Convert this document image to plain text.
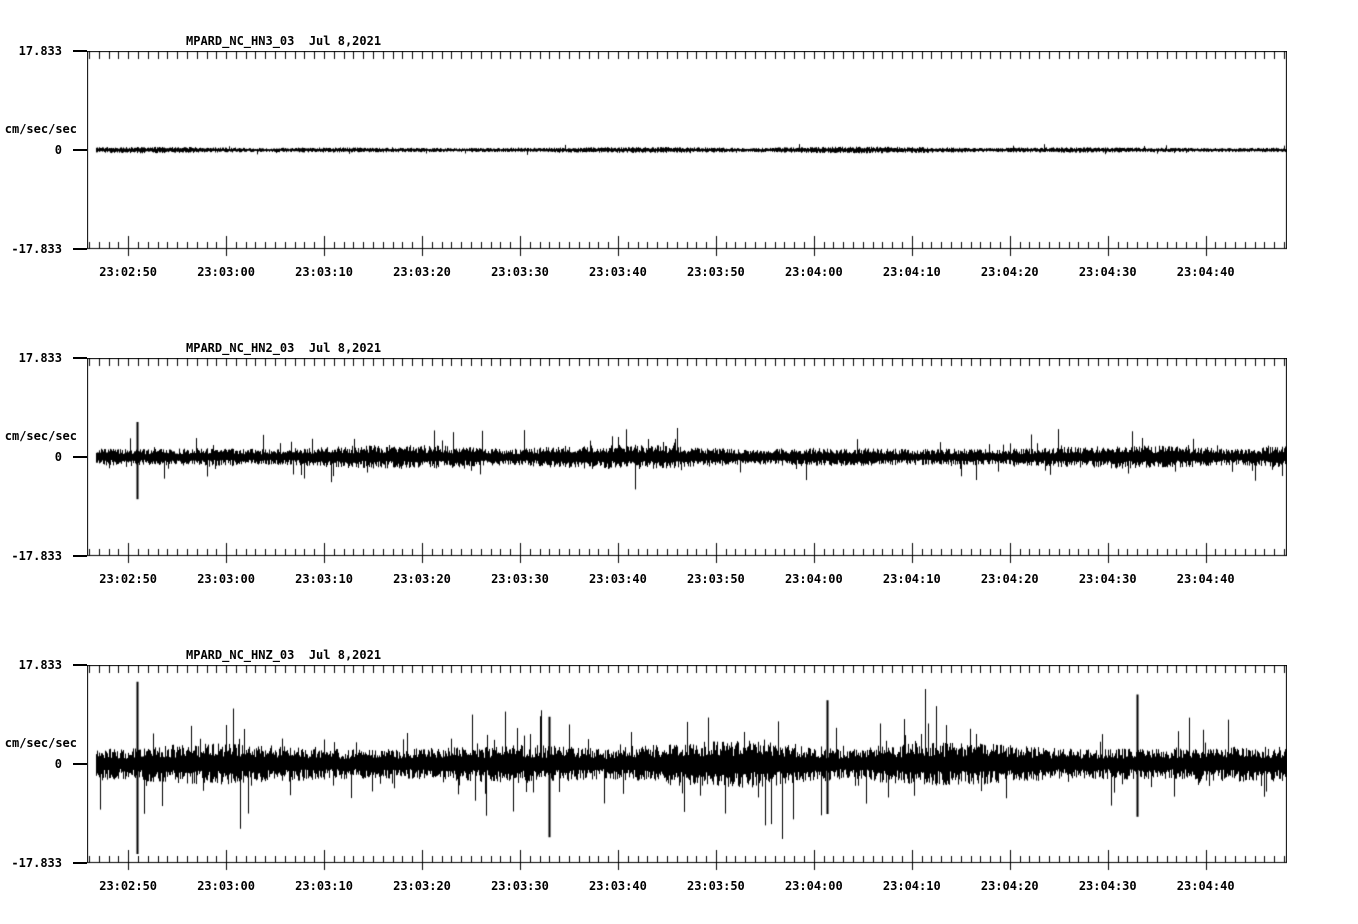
MPARD_NC_HN3_03  Jul 8,2021
17.833
cm/sec/sec
0
-17.833
23:02:50	23:03:00	23:03:10	23:03:20	23:03:30	23:03:40	23:03:50	23:04:00	23:04:10	23:04:20	23:04:30	23:04:40
MPARD_NC_HN2_03  Jul 8,2021
17.833
cm/sec/sec
0
-17.833
23:02:50	23:03:00	23:03:10	23:03:20	23:03:30	23:03:40	23:03:50	23:04:00	23:04:10	23:04:20	23:04:30	23:04:40
MPARD_NC_HNZ_03  Jul 8,2021
17.833
cm/sec/sec
0
-17.833
23:02:50	23:03:00	23:03:10	23:03:20	23:03:30	23:03:40	23:03:50	23:04:00	23:04:10	23:04:20	23:04:30	23:04:40
